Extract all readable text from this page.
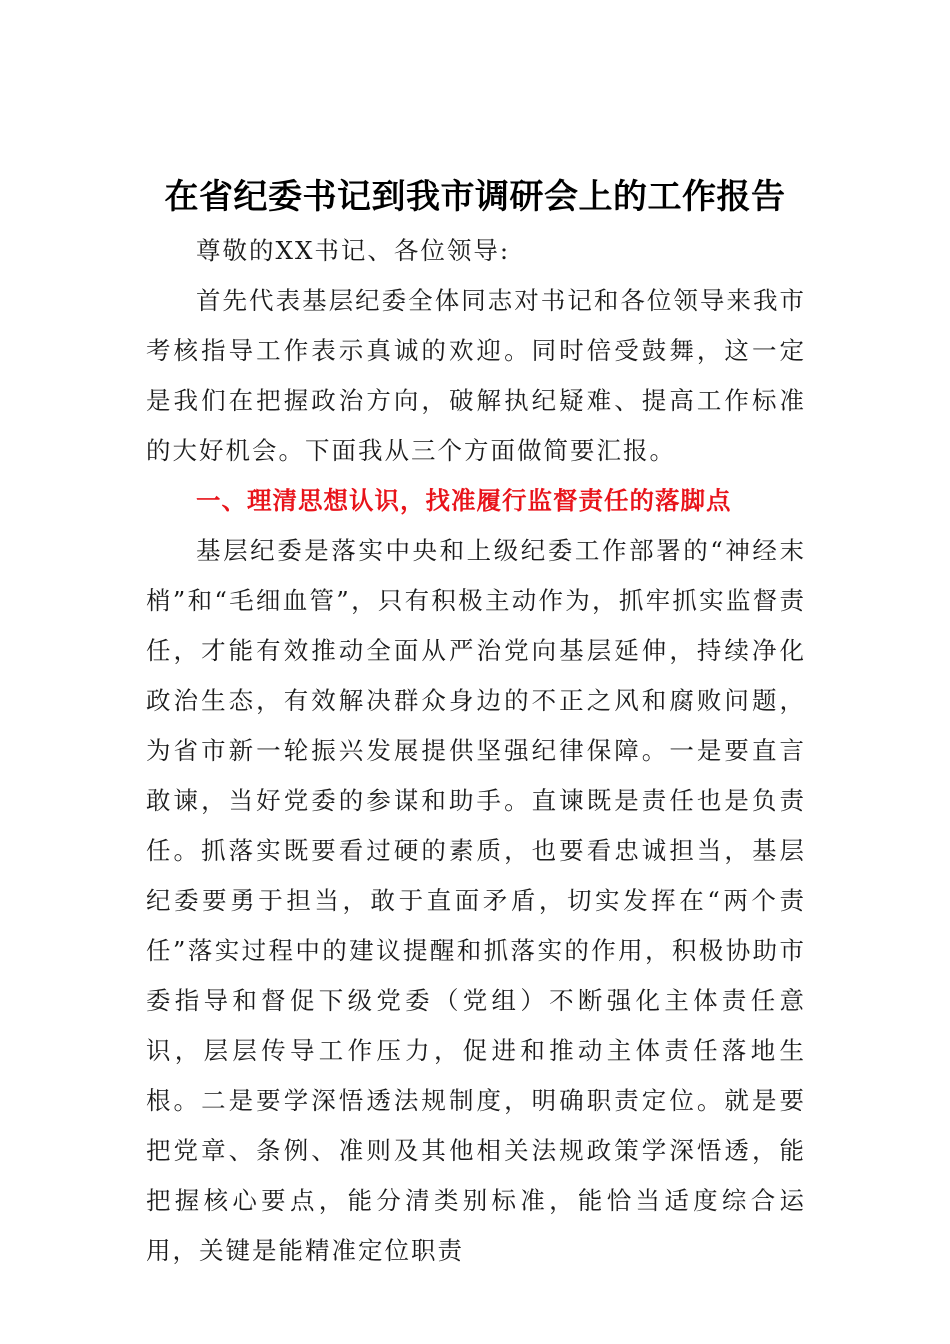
在省纪委书记到我市调研会上的工作报告

尊敬的XX书记、各位领导:

首先代表基层纪委全体同志对书记和各位领导来我市考核指导工作表示真诚的欢迎。同时倍受鼓舞，这一定是我们在把握政治方向，破解执纪疑难、提高工作标准的大好机会。下面我从三个方面做简要汇报。

一、理清思想认识，找准履行监督责任的落脚点

基层纪委是落实中央和上级纪委工作部署的“神经末梢”和“毛细血管”，只有积极主动作为，抓牢抓实监督责任，才能有效推动全面从严治党向基层延伸，持续净化政治生态，有效解决群众身边的不正之风和腐败问题，为省市新一轮振兴发展提供坚强纪律保障。一是要直言敢谏，当好党委的参谋和助手。直谏既是责任也是负责任。抓落实既要看过硬的素质，也要看忠诚担当，基层纪委要勇于担当，敢于直面矛盾，切实发挥在“两个责任”落实过程中的建议提醒和抓落实的作用，积极协助市委指导和督促下级党委（党组）不断强化主体责任意识，层层传导工作压力，促进和推动主体责任落地生根。二是要学深悟透法规制度，明确职责定位。就是要把党章、条例、准则及其他相关法规政策学深悟透，能把握核心要点，能分清类别标准，能恰当适度综合运用，关键是能精准定位职责
